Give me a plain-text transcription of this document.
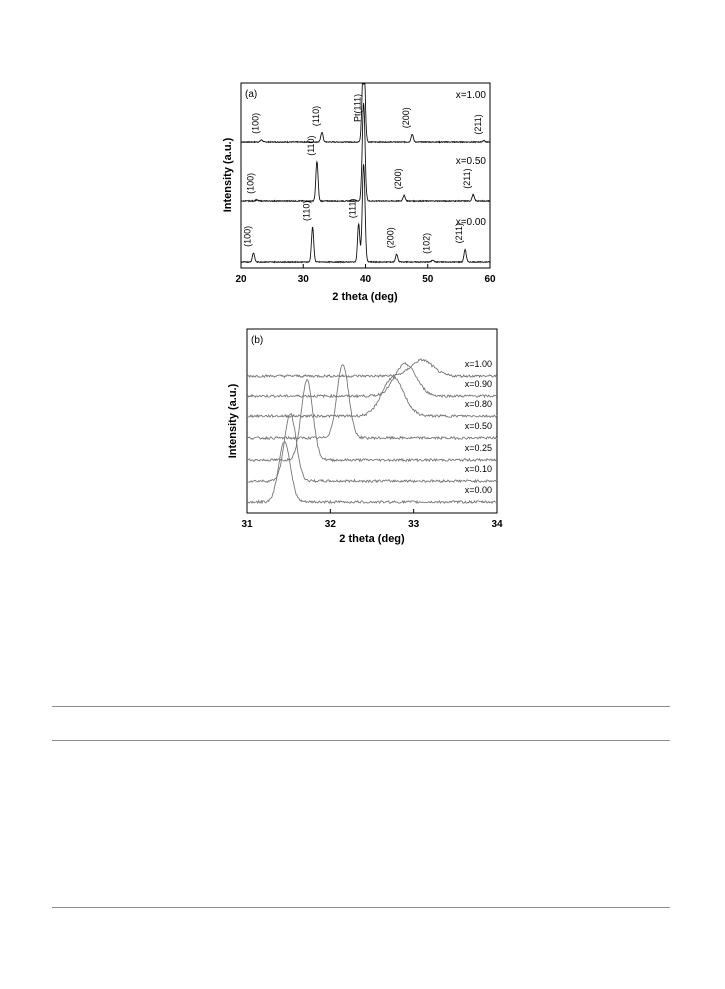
x=1.00
(100)	(110)	Pt(111)	(200)	(211)
x=0.50
(100)
(110)
(200)	(211)
x=0.00
(100)
(110)	(111)
(200)	(102) (211)
20	30	40	50	60
(a)
2 theta (deg)
Intensity (a.u.)
x=1.00
x=0.90
x=0.80
x=0.50
x=0.25
x=0.10
x=0.00
31	32	33	34
(b)
2 theta (deg)
Intensity (a.u.)
